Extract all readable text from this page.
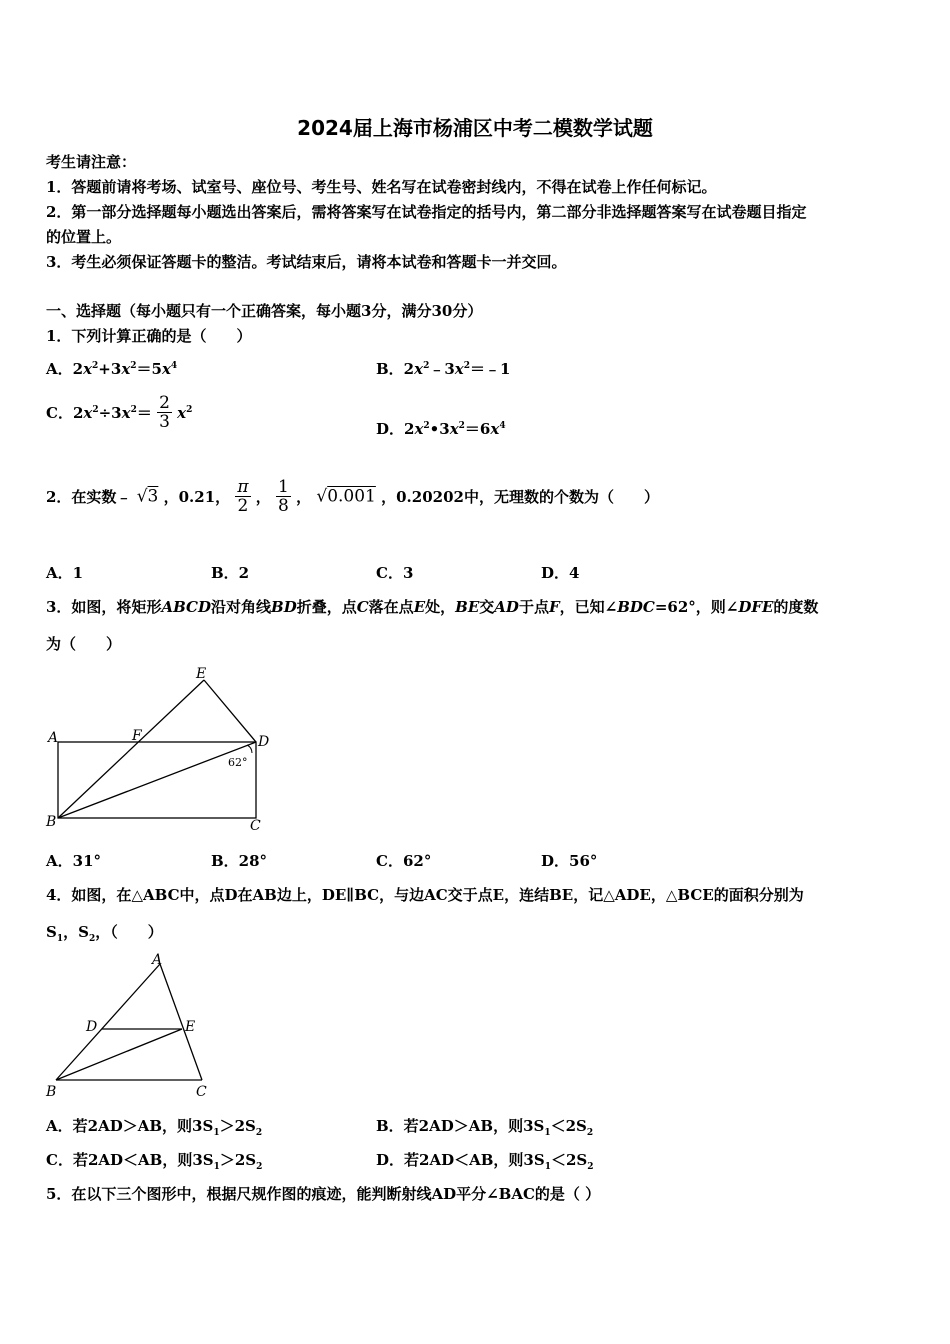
2024届上海市杨浦区中考二模数学试题
考生请注意：
1．答题前请将考场、试室号、座位号、考生号、姓名写在试卷密封线内，不得在试卷上作任何标记。
2．第一部分选择题每小题选出答案后，需将答案写在试卷指定的括号内，第二部分非选择题答案写在试卷题目指定
的位置上。
3．考生必须保证答题卡的整洁。考试结束后，请将本试卷和答题卡一并交回。
一、选择题（每小题只有一个正确答案，每小题3分，满分30分）
1．下列计算正确的是（　　）
A．$2x^2+3x^2=5x^4$	B．$2x^2﹣3x^2=﹣1$
C．$2x^2\div 3x^2= \frac{2}{3} x^2$
D．$2x^2•3x^2=6x^4$
2．在实数﹣ √3 ，0.21， $\frac{\pi}{2}$ ， $\frac{1}{8}$ ， √0.001 ，0.20202中，无理数的个数为（　　）
A．1	B．2	C．3	D．4
3．如图，将矩形ABCD沿对角线BD折叠，点C落在点E处，BE交AD于点F，已知∠BDC=62°，则∠DFE的度数
为（　　）
A	F
E
D
B	C
62°
A．31°	B．28°	C．62°	D．56°
4．如图，在△ABC中，点D在AB边上，DE∥BC，与边AC交于点E，连结BE，记△ADE，△BCE的面积分别为
$S_1$，$S_2$，（　　）
A
D	E
B	C
A．若2AD＞AB，则$3S_1>2S_2$	B．若2AD＞AB，则$3S_1<2S_2$
C．若2AD＜AB，则$3S_1>2S_2$	D．若2AD＜AB，则$3S_1<2S_2$
5．在以下三个图形中，根据尺规作图的痕迹，能判断射线AD平分∠BAC的是（ ）
